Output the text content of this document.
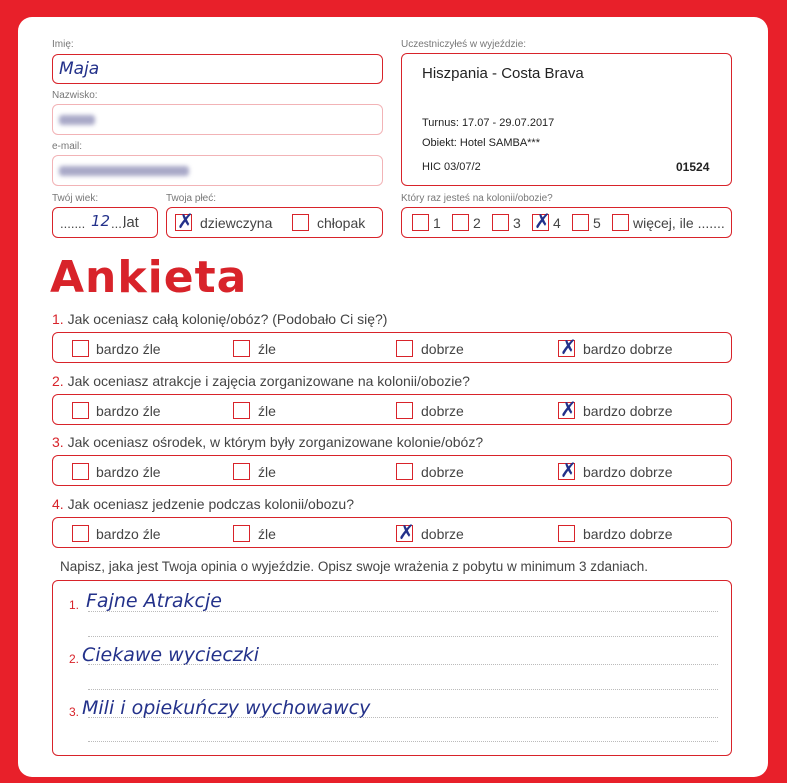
Imię:
Maja
Nazwisko:
e-mail:
Twój wiek:
....... 12 ....
lat
Twoja płeć:
✗ dziewczyna	chłopak
Uczestniczyłeś w wyjeździe:
Hiszpania - Costa Brava
Turnus: 17.07 - 29.07.2017
Obiekt: Hotel SAMBA***
HIC 03/07/2	01524
Który raz jesteś na kolonii/obozie?
1 2 3 ✗ 4 5 więcej, ile .......
Ankieta
1. Jak oceniasz całą kolonię/obóz? (Podobało Ci się?)
bardzo źle	źle	dobrze	✗ bardzo dobrze
2. Jak oceniasz atrakcje i zajęcia zorganizowane na kolonii/obozie?
bardzo źle	źle	dobrze	✗ bardzo dobrze
3. Jak oceniasz ośrodek, w którym były zorganizowane kolonie/obóz?
bardzo źle	źle	dobrze	✗ bardzo dobrze
4. Jak oceniasz jedzenie podczas kolonii/obozu?
bardzo źle	źle	✗ dobrze	bardzo dobrze
Napisz, jaka jest Twoja opinia o wyjeździe. Opisz swoje wrażenia z pobytu w minimum 3 zdaniach.
1. Fajne Atrakcje
2. Ciekawe wycieczki
3. Mili i opiekuńczy wychowawcy
